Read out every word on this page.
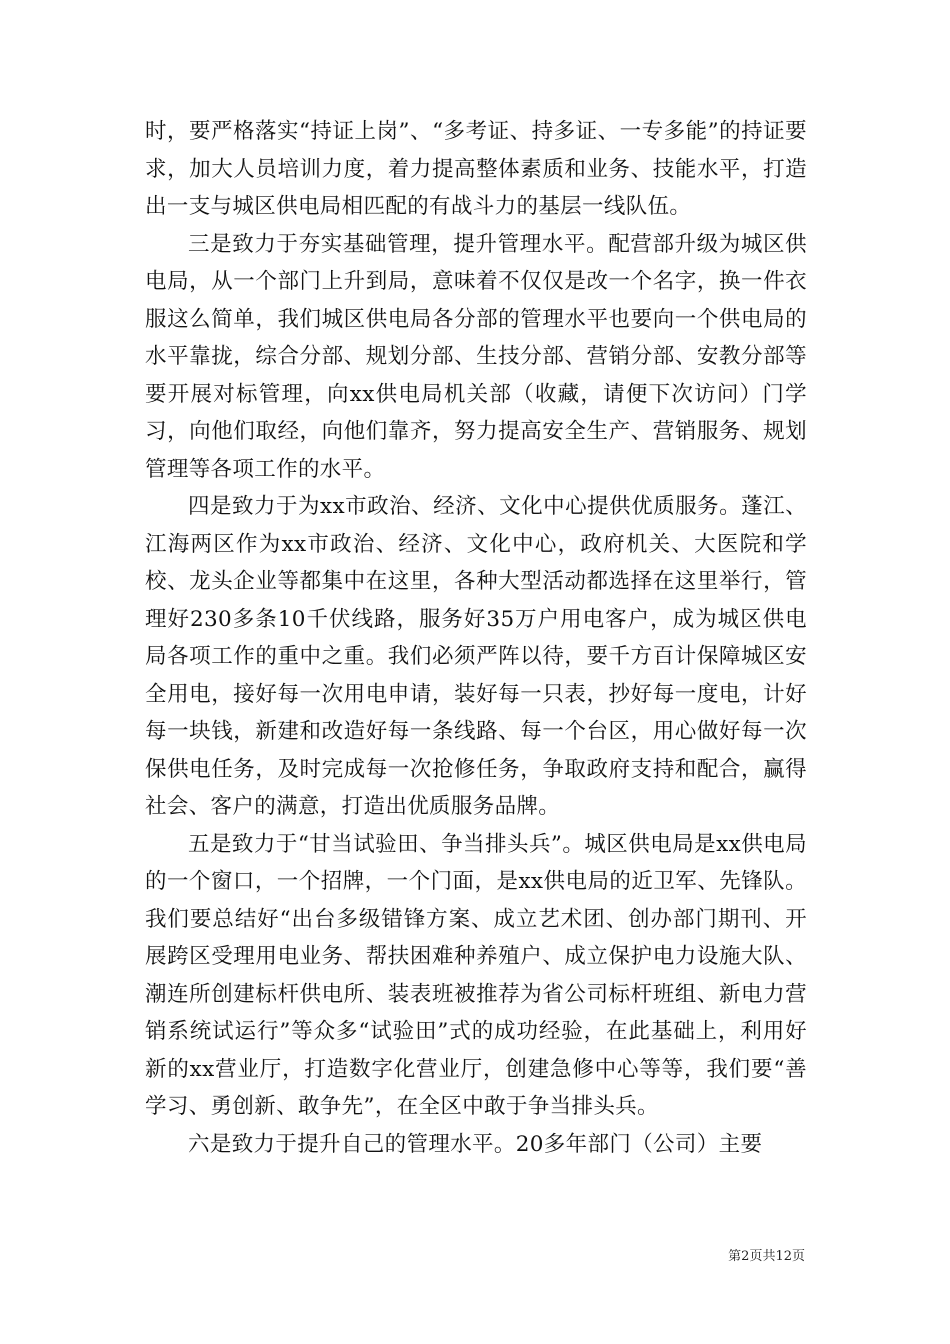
时，要严格落实“持证上岗”、“多考证、持多证、一专多能”的持证要求，加大人员培训力度，着力提高整体素质和业务、技能水平，打造出一支与城区供电局相匹配的有战斗力的基层一线队伍。

三是致力于夯实基础管理，提升管理水平。配营部升级为城区供电局，从一个部门上升到局，意味着不仅仅是改一个名字，换一件衣服这么简单，我们城区供电局各分部的管理水平也要向一个供电局的水平靠拢，综合分部、规划分部、生技分部、营销分部、安教分部等要开展对标管理，向xx供电局机关部（收藏，请便下次访问）门学习，向他们取经，向他们靠齐，努力提高安全生产、营销服务、规划管理等各项工作的水平。

四是致力于为xx市政治、经济、文化中心提供优质服务。蓬江、江海两区作为xx市政治、经济、文化中心，政府机关、大医院和学校、龙头企业等都集中在这里，各种大型活动都选择在这里举行，管理好230多条10千伏线路，服务好35万户用电客户，成为城区供电局各项工作的重中之重。我们必须严阵以待，要千方百计保障城区安全用电，接好每一次用电申请，装好每一只表，抄好每一度电，计好每一块钱，新建和改造好每一条线路、每一个台区，用心做好每一次保供电任务，及时完成每一次抢修任务，争取政府支持和配合，赢得社会、客户的满意，打造出优质服务品牌。

五是致力于“甘当试验田、争当排头兵”。城区供电局是xx供电局的一个窗口，一个招牌，一个门面，是xx供电局的近卫军、先锋队。我们要总结好“出台多级错锋方案、成立艺术团、创办部门期刊、开展跨区受理用电业务、帮扶困难种养殖户、成立保护电力设施大队、潮连所创建标杆供电所、装表班被推荐为省公司标杆班组、新电力营销系统试运行”等众多“试验田”式的成功经验，在此基础上，利用好新的xx营业厅，打造数字化营业厅，创建急修中心等等，我们要“善学习、勇创新、敢争先”，在全区中敢于争当排头兵。

六是致力于提升自己的管理水平。20多年部门（公司）主要

第2页共12页
